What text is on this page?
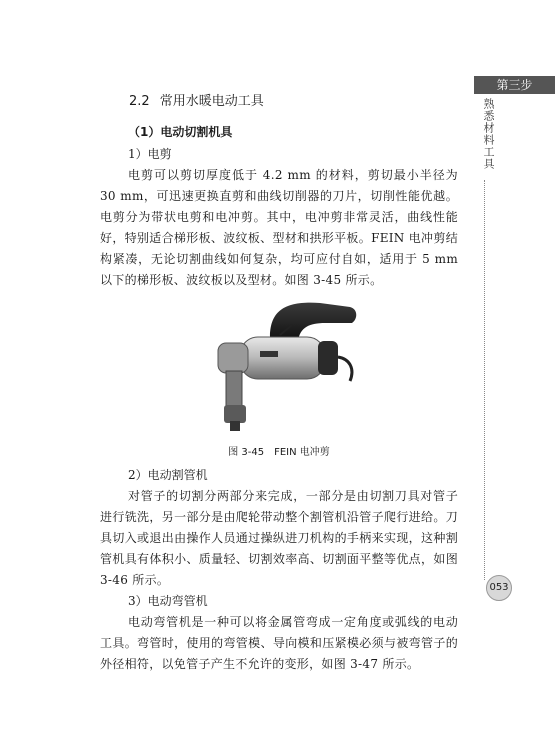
第三步
熟悉材料工具
053
2.2 常用水暖电动工具
（1）电动切割机具
1）电剪

电剪可以剪切厚度低于 4.2 mm 的材料，剪切最小半径为 30 mm，可迅速更换直剪和曲线切削器的刀片，切削性能优越。电剪分为带状电剪和电冲剪。其中，电冲剪非常灵活，曲线性能好，特别适合梯形板、波纹板、型材和拱形平板。FEIN 电冲剪结构紧凑，无论切割曲线如何复杂，均可应付自如，适用于 5 mm 以下的梯形板、波纹板以及型材。如图 3-45 所示。

图 3-45 FEIN 电冲剪
2）电动割管机

对管子的切割分两部分来完成，一部分是由切割刀具对管子进行铣洗，另一部分是由爬轮带动整个割管机沿管子爬行进给。刀具切入或退出由操作人员通过操纵进刀机构的手柄来实现，这种割管机具有体积小、质量轻、切割效率高、切割面平整等优点，如图 3-46 所示。

3）电动弯管机

电动弯管机是一种可以将金属管弯成一定角度或弧线的电动工具。弯管时，使用的弯管模、导向模和压紧模必须与被弯管子的外径相符，以免管子产生不允许的变形，如图 3-47 所示。
